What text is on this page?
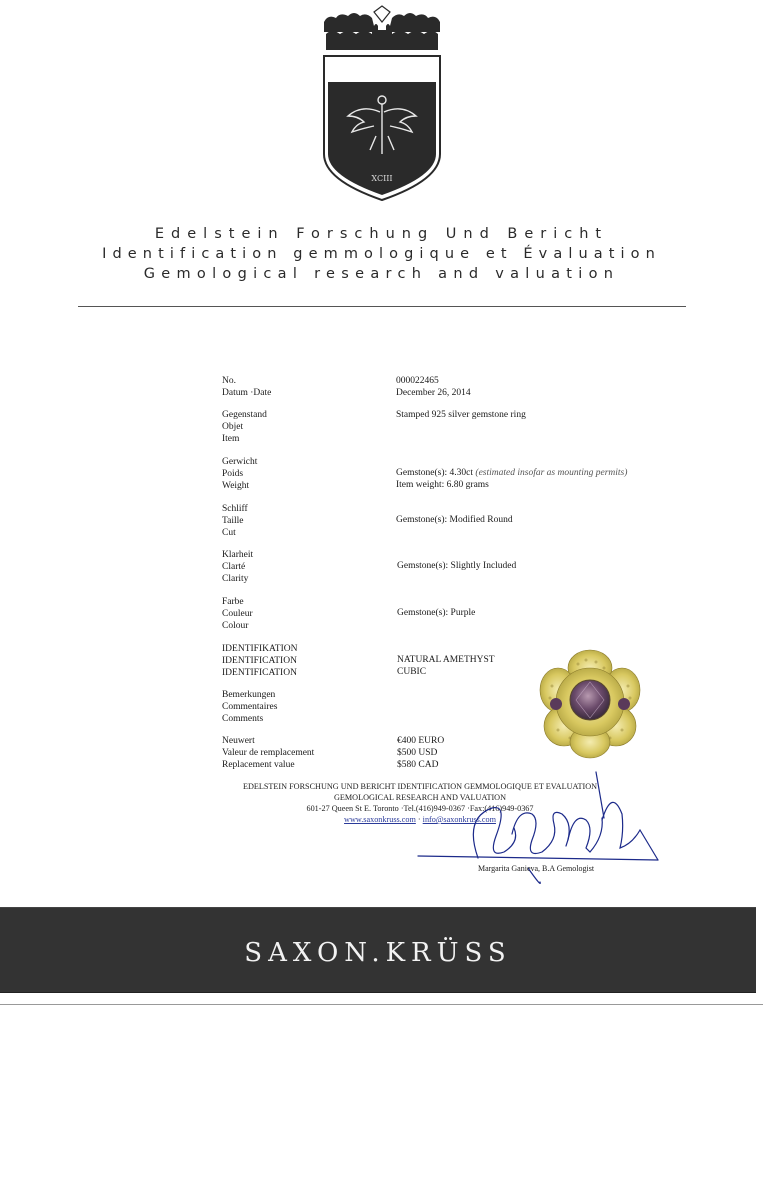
XCIII
Edelstein Forschung Und Bericht
Identification gemmologique et Évaluation
Gemological research and valuation
No.
Datum ·Date
000022465
December 26, 2014
Gegenstand
Objet
Item
Stamped 925 silver gemstone ring
Gerwicht
Poids
Weight
Gemstone(s): 4.30ct (estimated insofar as mounting permits)
Item weight: 6.80 grams
Schliff
Taille
Cut
Gemstone(s): Modified Round
Klarheit
Clarté
Clarity
Gemstone(s): Slightly Included
Farbe
Couleur
Colour
Gemstone(s): Purple
IDENTIFIKATION
IDENTIFICATION
IDENTIFICATION
NATURAL AMETHYST
CUBIC
Bemerkungen
Commentaires
Comments
Neuwert
Valeur de remplacement
Replacement value
€400 EURO
$500 USD
$580 CAD
EDELSTEIN FORSCHUNG UND BERICHT IDENTIFICATION GEMMOLOGIQUE ET EVALUATION
GEMOLOGICAL RESEARCH AND VALUATION
601-27 Queen St E. Toronto ·Tel.(416)949-0367 ·Fax:(416)949-0367
www.saxonkruss.com · info@saxonkruss.com
Margarita Ganieva, B.A Gemologist
SAXON.KRÜSS
